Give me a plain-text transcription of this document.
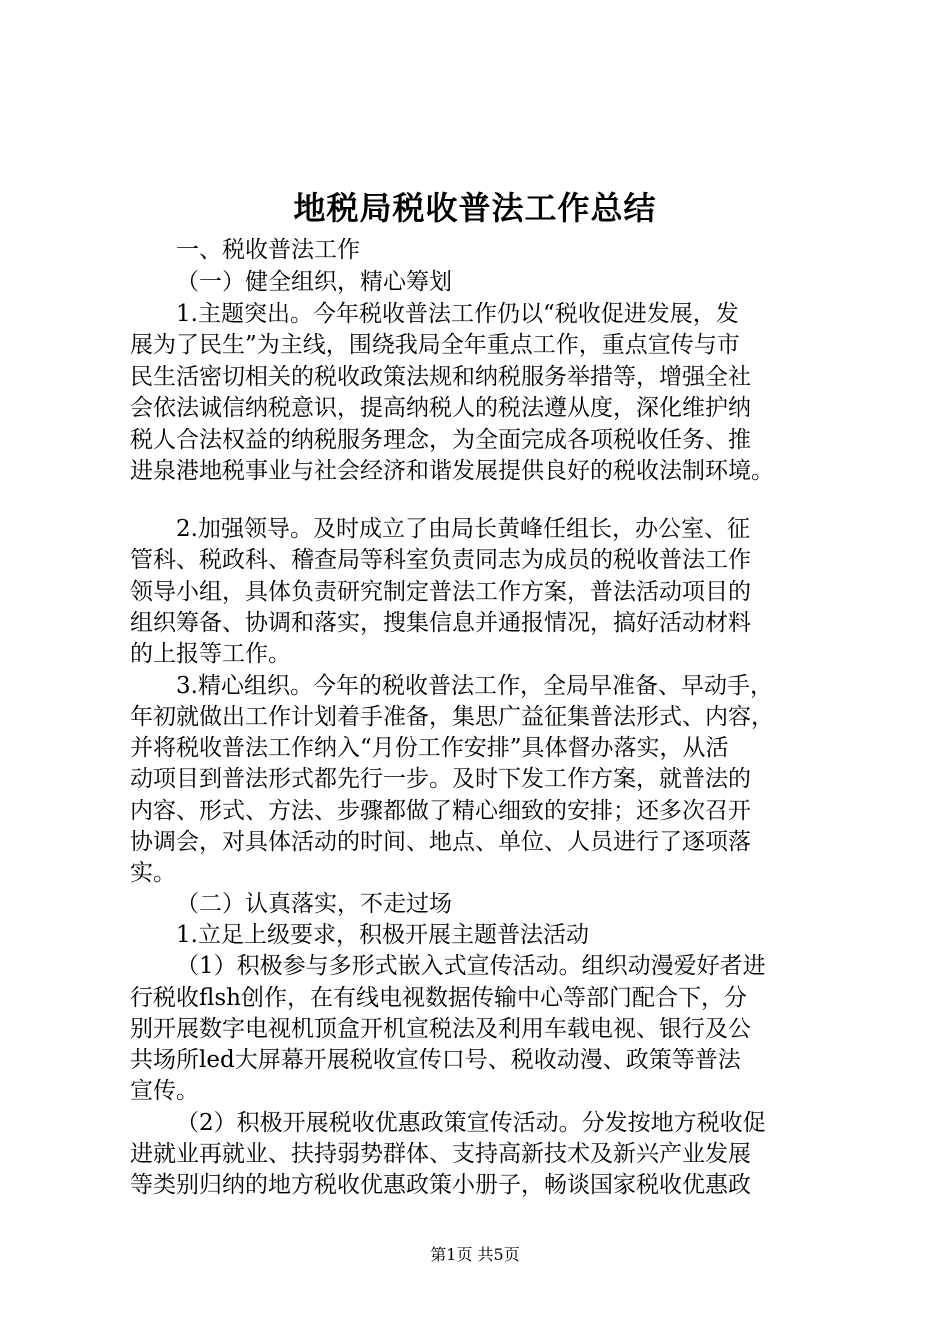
地税局税收普法工作总结
一、税收普法工作
（一）健全组织，精心筹划
1.主题突出。今年税收普法工作仍以“税收促进发展，发
展为了民生”为主线，围绕我局全年重点工作，重点宣传与市
民生活密切相关的税收政策法规和纳税服务举措等，增强全社
会依法诚信纳税意识，提高纳税人的税法遵从度，深化维护纳
税人合法权益的纳税服务理念，为全面完成各项税收任务、推
进泉港地税事业与社会经济和谐发展提供良好的税收法制环境。
2.加强领导。及时成立了由局长黄峰任组长，办公室、征
管科、税政科、稽查局等科室负责同志为成员的税收普法工作
领导小组，具体负责研究制定普法工作方案，普法活动项目的
组织筹备、协调和落实，搜集信息并通报情况，搞好活动材料
的上报等工作。
3.精心组织。今年的税收普法工作，全局早准备、早动手，
年初就做出工作计划着手准备，集思广益征集普法形式、内容，
并将税收普法工作纳入“月份工作安排”具体督办落实，从活
动项目到普法形式都先行一步。及时下发工作方案，就普法的
内容、形式、方法、步骤都做了精心细致的安排；还多次召开
协调会，对具体活动的时间、地点、单位、人员进行了逐项落
实。
（二）认真落实，不走过场
1.立足上级要求，积极开展主题普法活动
（1）积极参与多形式嵌入式宣传活动。组织动漫爱好者进
行税收flsh创作，在有线电视数据传输中心等部门配合下，分
别开展数字电视机顶盒开机宣税法及利用车载电视、银行及公
共场所led大屏幕开展税收宣传口号、税收动漫、政策等普法
宣传。
（2）积极开展税收优惠政策宣传活动。分发按地方税收促
进就业再就业、扶持弱势群体、支持高新技术及新兴产业发展
等类别归纳的地方税收优惠政策小册子，畅谈国家税收优惠政
第1页 共5页
